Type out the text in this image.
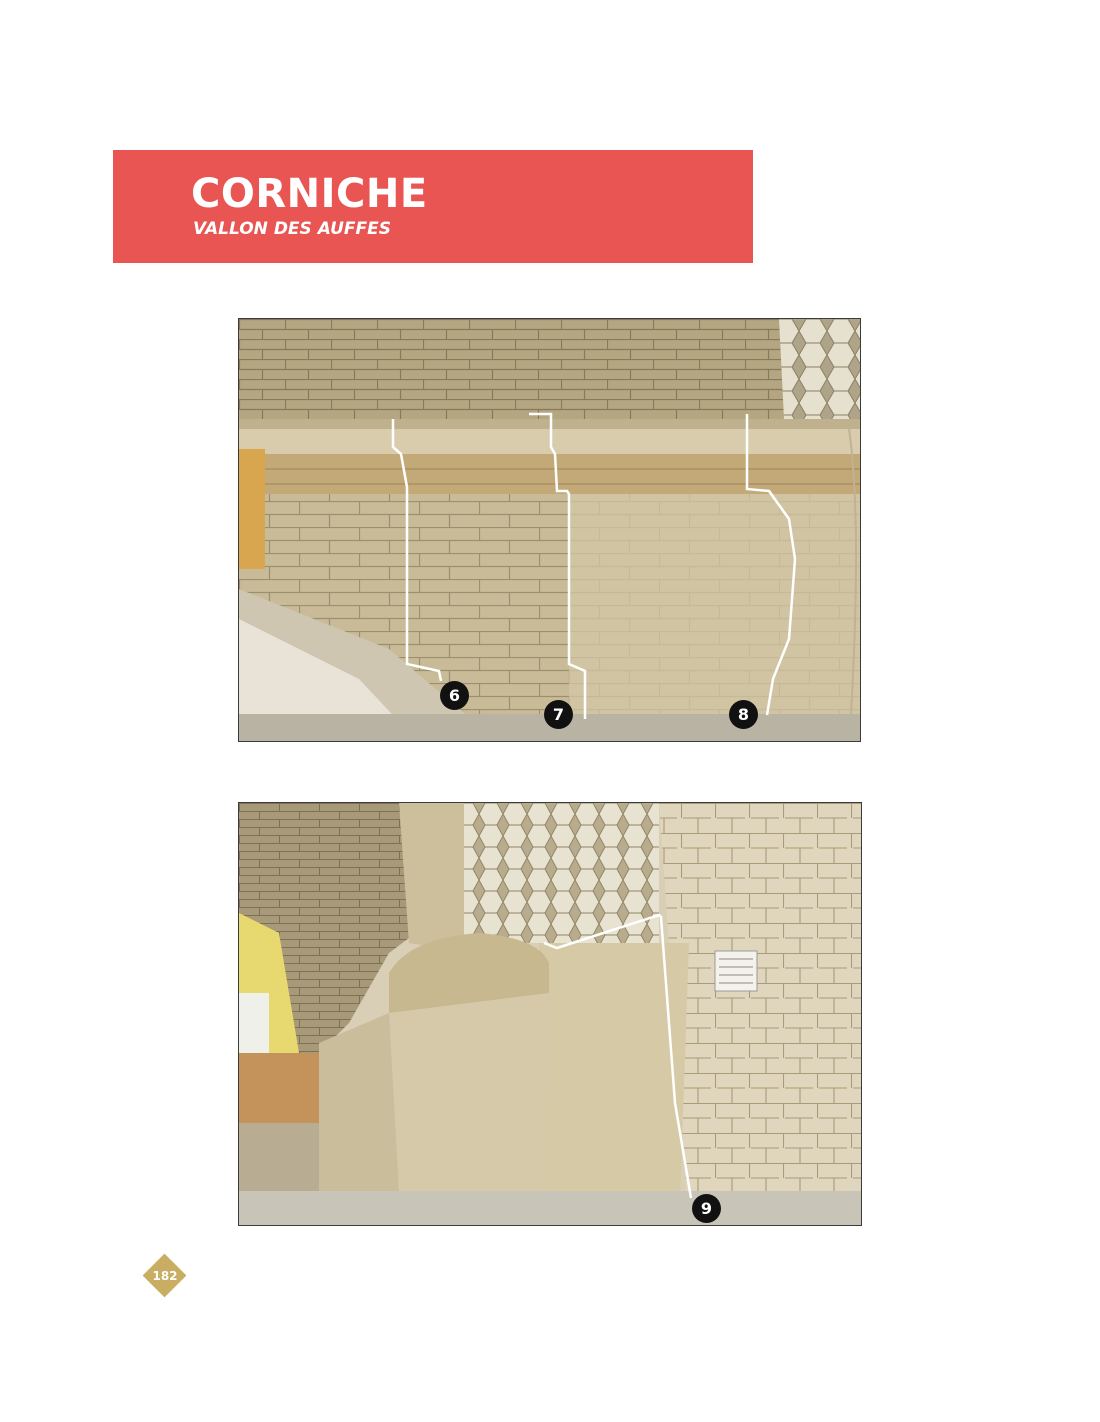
CORNICHE
VALLON DES AUFFES
6
7	8
9
182
